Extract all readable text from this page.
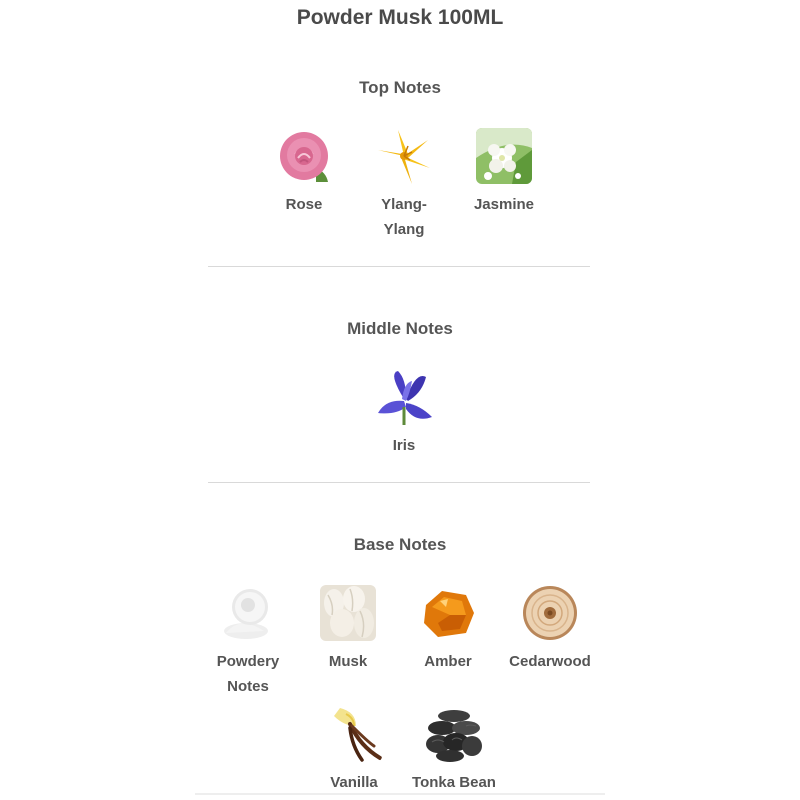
Powder Musk 100ML
Top Notes
Rose	Ylang-
Ylang
Jasmine
Middle Notes
Iris
Base Notes
Powdery
Notes
Musk	Amber	Cedarwood
Vanilla	Tonka Bean
